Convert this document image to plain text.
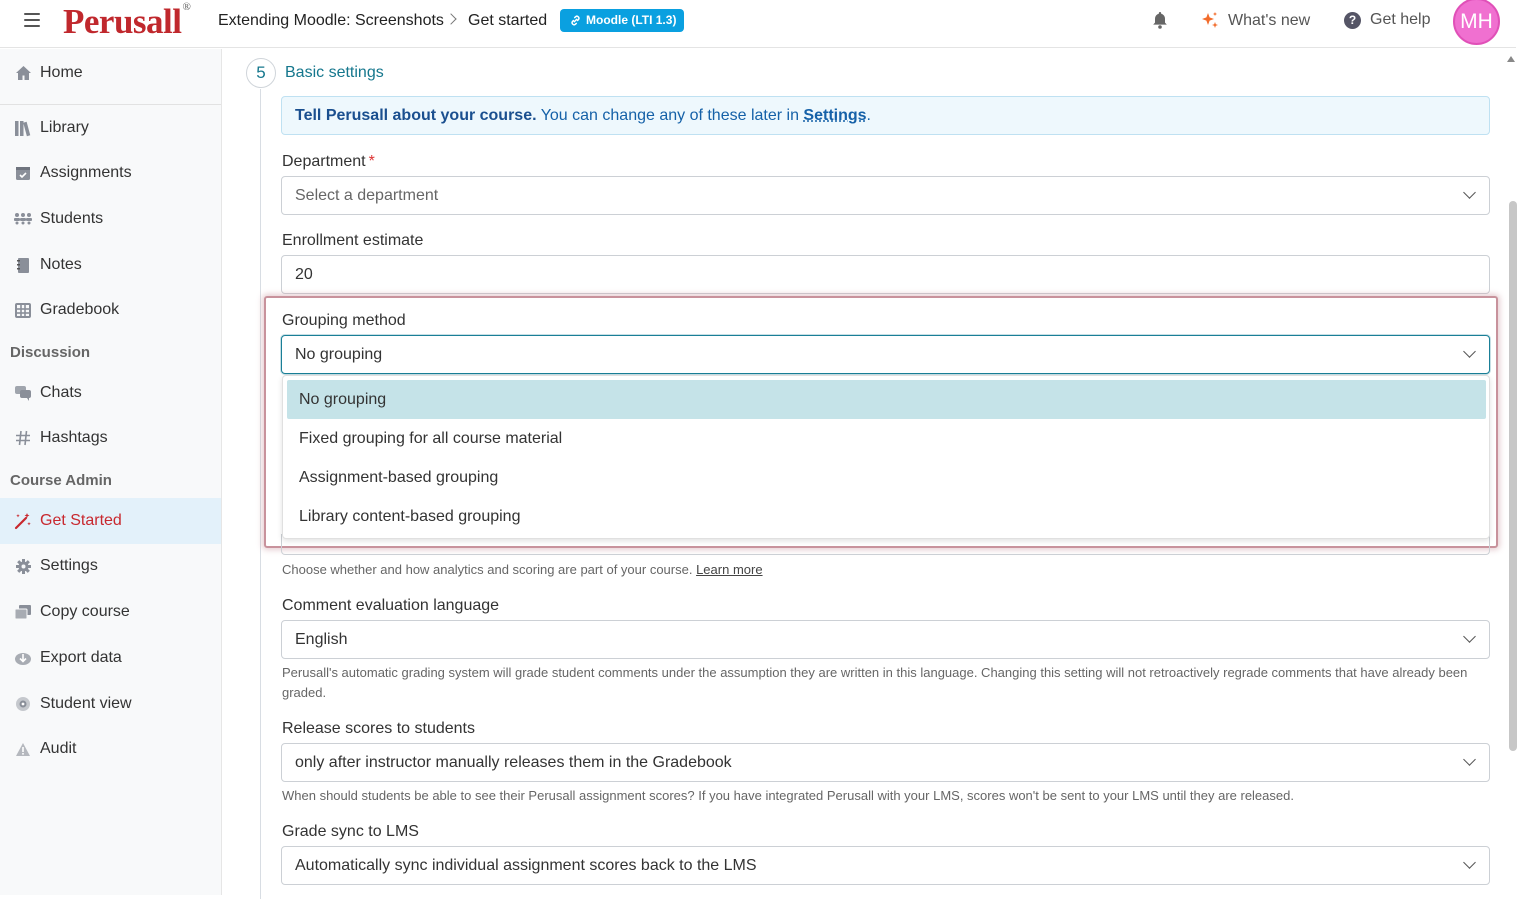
Perusall®
Extending Moodle: Screenshots Get started	Moodle (LTI 1.3)	What's new	? Get help	MH
Home
Library
Assignments
Students
Notes
Gradebook
Discussion
Chats
Hashtags
Course Admin
Get Started
Settings
Copy course
Export data
Student view
Audit
5	Basic settings
Tell Perusall about your course. You can change any of these later in Settings.
Department *
Select a department
Enrollment estimate
20
Grouping method
No grouping
No grouping
Fixed grouping for all course material
Assignment-based grouping
Library content-based grouping
Choose whether and how analytics and scoring are part of your course. Learn more
Comment evaluation language
English
Perusall's automatic grading system will grade student comments under the assumption they are written in this language. Changing this setting will not retroactively regrade comments that have already been graded.
Release scores to students
only after instructor manually releases them in the Gradebook
When should students be able to see their Perusall assignment scores? If you have integrated Perusall with your LMS, scores won't be sent to your LMS until they are released.
Grade sync to LMS
Automatically sync individual assignment scores back to the LMS
